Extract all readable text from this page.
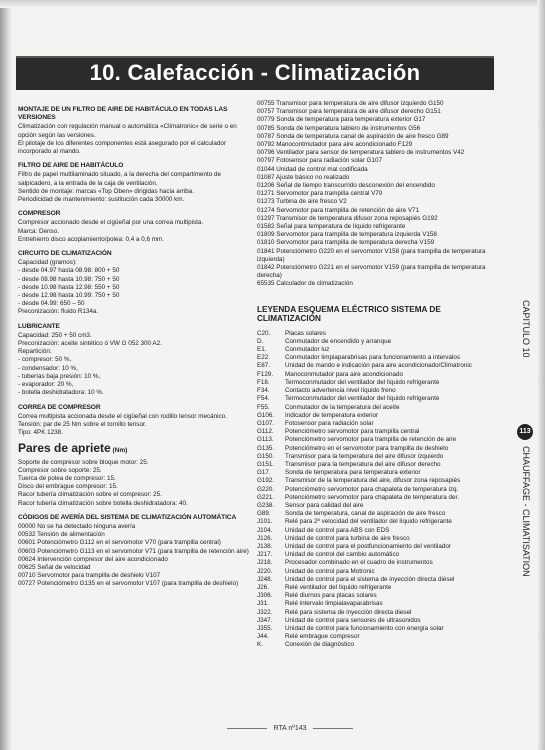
10. Calefacción - Climatización
MONTAJE DE UN FILTRO DE AIRE DE HABITÁCULO EN TODAS LAS VERSIONES
Climatización con regulación manual o automática «Climatronic» de serie o en opción según las versiones.
El pilotaje de los diferentes componentes está asegurado por el calculador incorporado al mando.
FILTRO DE AIRE DE HABITÁCULO
Filtro de papel multilaminado situado, a la derecha del compartimento de salpicadero, a la entrada de la caja de ventilación.
Sentido de montaje: marcas «Top Oben» dirigidas hacia arriba.
Periodicidad de mantenimiento: sustitución cada 30000 km.
COMPRESOR
Compresor accionado desde el cigüeñal por una correa multipista.
Marca: Denso.
Entrehierro disco acoplamiento/polea: 0,4 a 0,6 mm.
CIRCUITO DE CLIMATIZACIÓN
Capacidad (gramos):
- desde 04.97 hasta 08.98: 800 + 50
- desde 08.98 hasta 10.98: 750 + 50
- desde 10.98 hasta 12.98: 550 + 50
- desde 12.98 hasta 10.99: 750 + 50
- desde 04.99: 650 – 50
Preconización: fluido R134a.
LUBRICANTE
Capacidad: 250 + 50 cm3.
Preconización: aceite sintético ó VW G 052 300 A2.
Repartición:
- compresor: 50 %,
- condensador: 10 %,
- tuberías baja presión: 10 %,
- evaporador: 20 %,
- botella deshidratadora: 10 %.
CORREA DE COMPRESOR
Correa multipista accionada desde el cigüeñal con rodillo tensor mecánico.
Tensión: par de 25 Nm sobre el tornillo tensor.
Tipo: 4PK 1238.
Pares de apriete (Nm)
Soporte de compresor sobre bloque motor: 25.
Compresor sobre soporte: 25.
Tuerca de polea de compresor: 15.
Disco del embrague compresor: 15.
Racor tubería climatización sobre el compresor: 25.
Racor tubería climatización sobre botella deshidratadora: 40.
CÓDIGOS DE AVERÍA DEL SISTEMA DE CLIMATIZACIÓN AUTOMÁTICA
00000 No se ha detectado ninguna avería
00532 Tensión de alimentación
00601 Potenciómetro G112 en el servomotor V70 (para trampilla central)
00603 Potenciómetro G113 en el servomotor V71 (para trampilla de retención aire)
00624 Intervención compresor del aire acondicionado
00625 Señal de velocidad
00710 Servomotor para trampilla de deshielo V107
00727 Potenciómetro G135 en el servomotor V107 (para trampilla de deshielo)
00755 Transmisor para temperatura de aire difusor izquierdo G150
00757 Transmisor para temperatura de aire difusor derecho G151
00779 Sonda de temperatura para temperatura exterior G17
00785 Sonda de temperatura tablero de instrumentos G56
00787 Sonda de temperatura canal de aspiración de aire fresco G89
00792 Manocontmutador para aire acondicionado F129
00796 Ventilador para sensor de temperatura tablero de instrumentos V42
00797 Fotosensor para radiación solar G107
01044 Unidad de control mal codificada
01087 Ajuste básico no realizado
01206 Señal de tiempo transcurrido desconexión del encendido
01271 Servomotor para trampilla central V70
01273 Turbina de aire fresco V2
01274 Servomotor para trampilla de retención de aire V71
01297 Transmisor de temperatura difusor zona reposapiés G192
01582 Señal para temperatura de líquido refrigerante
01809 Servomotor para trampilla de temperatura izquierda V158
01810 Servomotor para trampilla de temperatura derecha V159
01841 Potenciómetro G220 en el servomotor V158 (para trampilla de temperatura izquierda)
01842 Potenciómetro G221 en el servomotor V159 (para trampilla de temperatura derecha)
65535 Calculador de climatización
LEYENDA ESQUEMA ELÉCTRICO SISTEMA DE CLIMATIZACIÓN
C20.	Placas solares
D.	Conmutador de encendido y arranque
E1.	Conmutador luz
E22.	Conmutador limpiaparabrisas para funcionamiento a intervalos
E87.	Unidad de mando e indicación para aire acondicionado/Climatronic
F129.	Manoconmutador para aire acondicionado
F18.	Termoconmutador del ventilador del líquido refrigerante
F34.	Contacto advertencia nivel líquido freno
F54.	Termoconmutador del ventilador del líquido refrigerante
F55.	Conmutador de la temperatura del aceite
G106.	Indicador de temperatura exterior
G107.	Fotosensor para radiación solar
G112.	Potenciómetro servomotor para trampilla central
G113.	Potenciómetro servomotor para trampilla de retención de aire
G135.	Potenciómetro en el servomotor para trampilla de deshielo
G150.	Transmisor para la temperatura del aire difusor izquierdo
G151.	Transmisor para la temperatura del aire difusor derecho
G17.	Sonda de temperatura para temperatura exterior
G192.	Transmisor de la temperatura del aire, difusor zona reposapiés
G220.	Potenciómetro servomotor para chapaleta de temperatura izq.
G221.	Potenciómetro servomotor para chapaleta de temperatura der.
G238.	Sensor para calidad del aire
G89.	Sonda de temperatura, canal de aspiración de aire fresco
J101.	Relé para 2ª velocidad del ventilador del líquido refrigerante
J104.	Unidad de control para ABS con EDS
J126.	Unidad de control para turbina de aire fresco
J138.	Unidad de control para el postfuncionamiento del ventilador
J217.	Unidad de control del cambio automático
J218.	Procesador combinado en el cuadro de instrumentos
J220.	Unidad de control para Motronic
J248.	Unidad de control para el sistema de inyección directa diésel
J26.	Relé ventilador del líquido refrigerante
J306.	Relé diurnos para placas solares
J31.	Relé intervalo limpialavaparabrisas
J322.	Relé para sistema de inyección directa diesel
J347.	Unidad de control para sensores de ultrasonidos
J355.	Unidad de control para funcionamiento con energía solar
J44.	Relé embrague compresor
K.	Conexión de diagnóstico
CAPITULO 10
113
CHAUFFAGE - CLIMATISATION
RTA nº143
